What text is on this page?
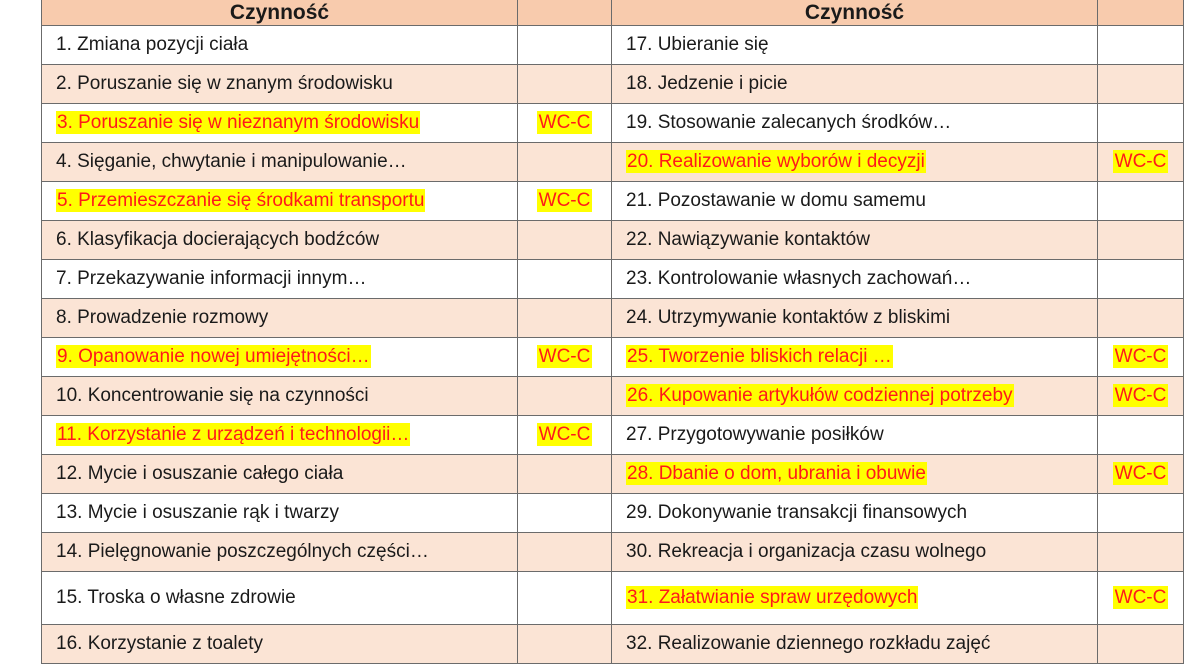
Czynność		Czynność	
1. Zmiana pozycji ciała		17. Ubieranie się	
2. Poruszanie się w znanym środowisku		18. Jedzenie i picie	
3. Poruszanie się w nieznanym środowisku	WC-C	19. Stosowanie zalecanych środków…	
4. Sięganie, chwytanie i manipulowanie…		20. Realizowanie wyborów i decyzji	WC-C
5. Przemieszczanie się środkami transportu	WC-C	21. Pozostawanie w domu samemu	
6. Klasyfikacja docierających bodźców		22. Nawiązywanie kontaktów	
7. Przekazywanie informacji innym…		23. Kontrolowanie własnych zachowań…	
8. Prowadzenie rozmowy		24. Utrzymywanie kontaktów z bliskimi	
9. Opanowanie nowej umiejętności…	WC-C	25. Tworzenie bliskich relacji …	WC-C
10. Koncentrowanie się na czynności		26. Kupowanie artykułów codziennej potrzeby	WC-C
11. Korzystanie z urządzeń i technologii…	WC-C	27. Przygotowywanie posiłków	
12. Mycie i osuszanie całego ciała		28. Dbanie o dom, ubrania i obuwie	WC-C
13. Mycie i osuszanie rąk i twarzy		29. Dokonywanie transakcji finansowych	
14. Pielęgnowanie poszczególnych części…		30. Rekreacja i organizacja czasu wolnego	
15. Troska o własne zdrowie		31. Załatwianie spraw urzędowych	WC-C
16. Korzystanie z toalety		32. Realizowanie dziennego rozkładu zajęć	
